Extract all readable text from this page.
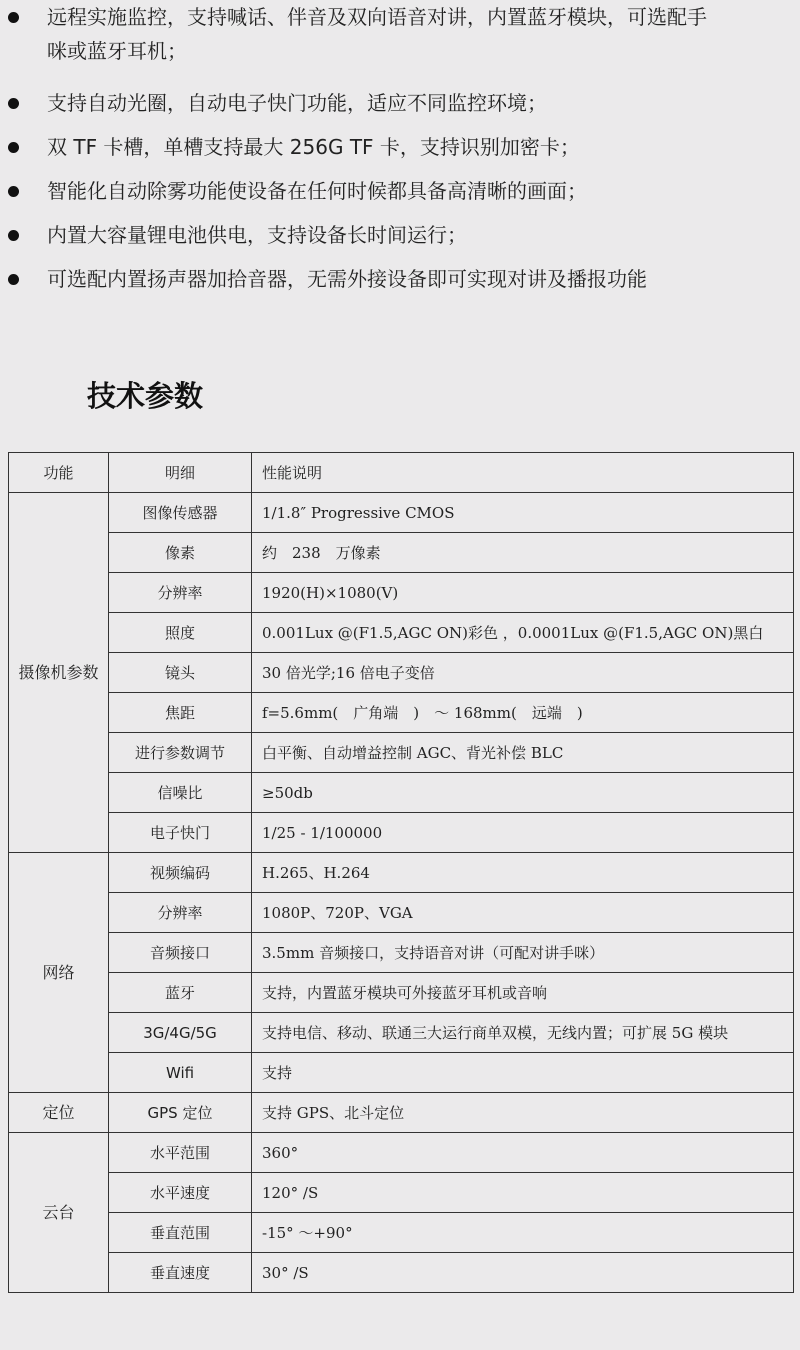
远程实施监控，支持喊话、伴音及双向语音对讲，内置蓝牙模块，可选配手
咪或蓝牙耳机；
支持自动光圈，自动电子快门功能，适应不同监控环境；
双 TF 卡槽，单槽支持最大 256G TF 卡，支持识别加密卡；
智能化自动除雾功能使设备在任何时候都具备高清晰的画面；
内置大容量锂电池供电，支持设备长时间运行；
可选配内置扬声器加拾音器，无需外接设备即可实现对讲及播报功能
技术参数
功能	明细	性能说明
摄像机参数	图像传感器	1/1.8″ Progressive CMOS
	像素	约　238　万像素
	分辨率	1920(H)×1080(V)
	照度	0.001Lux @(F1.5,AGC ON)彩色 ，0.0001Lux @(F1.5,AGC ON)黑白
	镜头	30 倍光学;16 倍电子变倍
	焦距	f=5.6mm(　广角端　)　～ 168mm(　远端　)
	进行参数调节	白平衡、自动增益控制 AGC、背光补偿 BLC
	信噪比	≥50db
	电子快门	1/25 - 1/100000
网络	视频编码	H.265、H.264
	分辨率	1080P、720P、VGA
	音频接口	3.5mm 音频接口，支持语音对讲（可配对讲手咪）
	蓝牙	支持，内置蓝牙模块可外接蓝牙耳机或音响
	3G/4G/5G	支持电信、移动、联通三大运行商单双模，无线内置；可扩展 5G 模块
	Wifi	支持
定位	GPS 定位	支持 GPS、北斗定位
云台	水平范围	360°
	水平速度	120° /S
	垂直范围	-15° ～+90°
	垂直速度	30° /S
